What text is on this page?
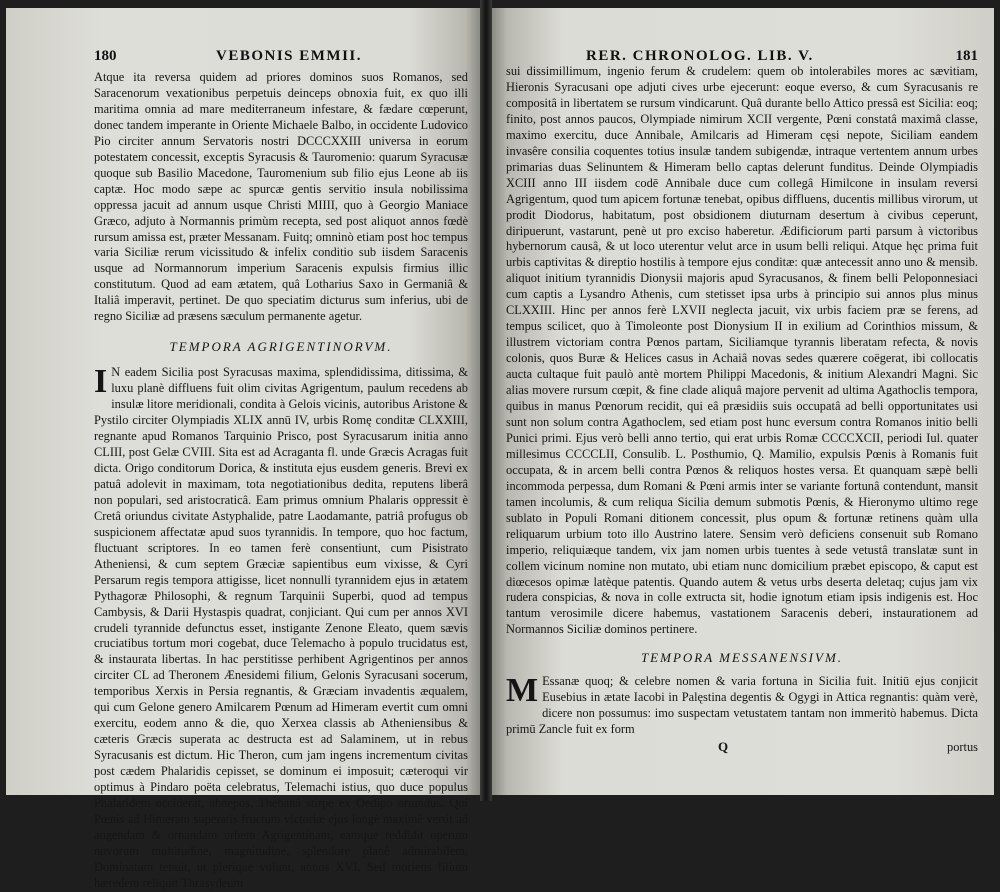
180	VEBONIS EMMII.

Atque ita reversa quidem ad priores dominos suos Romanos, sed Saracenorum vexationibus perpetuis deinceps obnoxia fuit, ex quo illi maritima omnia ad mare mediterraneum infestare, & fædare cœperunt, donec tandem imperante in Oriente Michaele Balbo, in occidente Ludovico Pio circiter annum Servatoris nostri DCCCXXIII universa in eorum potestatem concessit, exceptis Syracusis & Tauromenio: quarum Syracusæ quoque sub Basilio Macedone, Tauromenium sub filio ejus Leone ab iis captæ. Hoc modo sæpe ac spurcæ gentis servitio insula nobilissima oppressa jacuit ad annum usque Christi MIIII, quo à Georgio Maniace Græco, adjuto à Normannis primùm recepta, sed post aliquot annos fœdè rursum amissa est, præter Messanam. Fuitq; omninò etiam post hoc tempus varia Siciliæ rerum vicissitudo & infelix conditio sub iisdem Saracenis usque ad Normannorum imperium Saracenis expulsis firmius illic constitutum. Quod ad eam ætatem, quâ Lotharius Saxo in Germaniâ & Italiâ imperavit, pertinet. De quo speciatim dicturus sum inferius, ubi de regno Siciliæ ad præsens sæculum permanente agetur.

TEMPORA AGRIGENTINORVM.

I N eadem Sicilia post Syracusas maxima, splendidissima, ditissima, & luxu planè diffluens fuit olim civitas Agrigentum, paulum recedens ab insulæ litore meridionali, condita à Gelois vicinis, autoribus Aristone & Pystilo circiter Olympiadis XLIX annū IV, urbis Romę conditæ CLXXIII, regnante apud Romanos Tarquinio Prisco, post Syracusarum initia anno CLIII, post Gelæ CVIII. Sita est ad Acraganta fl. unde Græcis Acragas fuit dicta. Origo conditorum Dorica, & instituta ejus eusdem generis. Brevi ex patuâ adolevit in maximam, tota negotiationibus dedita, reputens liberâ non populari, sed aristocraticâ. Eam primus omnium Phalaris oppressit è Cretâ oriundus civitate Astyphalide, patre Laodamante, patriâ profugus ob suspicionem affectatæ apud suos tyrannidis. In tempore, quo hoc factum, fluctuant scriptores. In eo tamen ferè consentiunt, cum Pisistrato Atheniensi, & cum septem Græciæ sapientibus eum vixisse, & Cyri Persarum regis tempora attigisse, licet nonnulli tyrannidem ejus in ætatem Pythagoræ Philosophi, & regnum Tarquinii Superbi, quod ad tempus Cambysis, & Darii Hystaspis quadrat, conjiciant. Qui cum per annos XVI crudeli tyrannide defunctus esset, instigante Zenone Eleato, quem sævis cruciatibus tortum mori cogebat, duce Telemacho à populo trucidatus est, & instaurata libertas. In hac perstitisse perhibent Agrigentinos per annos circiter CL ad Theronem Ænesidemi filium, Gelonis Syracusani socerum, temporibus Xerxis in Persia regnantis, & Græciam invadentis æqualem, qui cum Gelone genero Amilcarem Pœnum ad Himeram evertit cum omni exercitu, eodem anno & die, quo Xerxea classis ab Atheniensibus & cæteris Græcis superata ac destructa est ad Salaminem, ut in rebus Syracusanis est dictum. Hic Theron, cum jam ingens incrementum civitas post cædem Phalaridis cepisset, se dominum ei imposuit; cæteroqui vir optimus à Pindaro poëta celebratus, Telemachi istius, quo duce populus Phalaridem occiderat, abnepos, Thebanâ stirpe ex Oedipo oriundus. Qui Pœnis ad Himeram superatis fructum victoriæ ejus longè maximè vertit ad augendam & ornandam urbem Agrigentinam, eamque reddidit operum novorum multitudine, magnitudine, splendore planè admirabilem. Dominatum tenuit, ut plerique volunt, annos XVI. Sed moriens filium hæredem reliquit Thrasydeum

RER. CHRONOLOG. LIB. V.	181

sui dissimillimum, ingenio ferum & crudelem: quem ob intolerabiles mores ac sævitiam, Hieronis Syracusani ope adjuti cives urbe ejecerunt: eoque everso, & cum Syracusanis re compositâ in libertatem se rursum vindicarunt. Quâ durante bello Attico pressâ est Sicilia: eoq; finito, post annos paucos, Olympiade nimirum XCII vergente, Pœni constatâ maximâ classe, maximo exercitu, duce Annibale, Amilcaris ad Himeram cęsi nepote, Siciliam eandem invasêre consilia coquentes totius insulæ tandem subigendæ, intraque vertentem annum urbes primarias duas Selinuntem & Himeram bello captas delerunt funditus. Deinde Olympiadis XCIII anno III iisdem codē Annibale duce cum collegâ Himilcone in insulam reversi Agrigentum, quod tum apicem fortunæ tenebat, opibus diffluens, ducentis millibus virorum, ut prodit Diodorus, habitatum, post obsidionem diuturnam desertum à civibus ceperunt, diripuerunt, vastarunt, penè ut pro exciso haberetur. Ædificiorum parti parsum à victoribus hybernorum causâ, & ut loco uterentur velut arce in usum belli reliqui. Atque hęc prima fuit urbis captivitas & direptio hostilis à tempore ejus conditæ: quæ antecessit anno uno & mensib. aliquot initium tyrannidis Dionysii majoris apud Syracusanos, & finem belli Peloponnesiaci cum captis a Lysandro Athenis, cum stetisset ipsa urbs à principio sui annos plus minus CLXXIII. Hinc per annos ferè LXVII neglecta jacuit, vix urbis faciem præ se ferens, ad tempus scilicet, quo à Timoleonte post Dionysium II in exilium ad Corinthios missum, & illustrem victoriam contra Pœnos partam, Siciliamque tyrannis liberatam refecta, & novis colonis, quos Buræ & Helices casus in Achaiâ novas sedes quærere coëgerat, ibi collocatis aucta cultaque fuit paulò antè mortem Philippi Macedonis, & initium Alexandri Magni. Sic alias movere rursum cœpit, & fine clade aliquâ majore pervenit ad ultima Agathoclis tempora, quibus in manus Pœnorum recidit, qui eâ præsidiis suis occupatâ ad belli opportunitates usi sunt non solum contra Agathoclem, sed etiam post hunc eversum contra Romanos initio belli Punici primi. Ejus verò belli anno tertio, qui erat urbis Romæ CCCCXCII, periodi Iul. quater millesimus CCCCLII, Consulib. L. Posthumio, Q. Mamilio, expulsis Pœnis à Romanis fuit occupata, & in arcem belli contra Pœnos & reliquos hostes versa. Et quanquam sæpè belli incommoda perpessa, dum Romani & Pœni armis inter se variante fortunâ contendunt, mansit tamen incolumis, & cum reliqua Sicilia demum submotis Pœnis, & Hieronymo ultimo rege sublato in Populi Romani ditionem concessit, plus opum & fortunæ retinens quàm ulla reliquarum urbium toto illo Austrino latere. Sensim verò deficiens consenuit sub Romano imperio, reliquiæque tandem, vix jam nomen urbis tuentes à sede vetustâ translatæ sunt in collem vicinum nomine non mutato, ubi etiam nunc domicilium præbet episcopo, & caput est diœcesos opimæ latèque patentis. Quando autem & vetus urbs deserta deletaq; cujus jam vix rudera conspicias, & nova in colle extructa sit, hodie ignotum etiam ipsis indigenis est. Hoc tantum verosimile dicere habemus, vastationem Saracenis deberi, instaurationem ad Normannos Siciliæ dominos pertinere.

TEMPORA MESSANENSIVM.

M Essanæ quoq; & celebre nomen & varia fortuna in Sicilia fuit. Initiū ejus conjicit Eusebius in ætate Iacobi in Palęstina degentis & Ogygi in Attica regnantis: quàm verè, dicere non possumus: imo suspectam vetustatem tantam non immeritò habemus. Dicta primū Zancle fuit ex form

Q	portus
